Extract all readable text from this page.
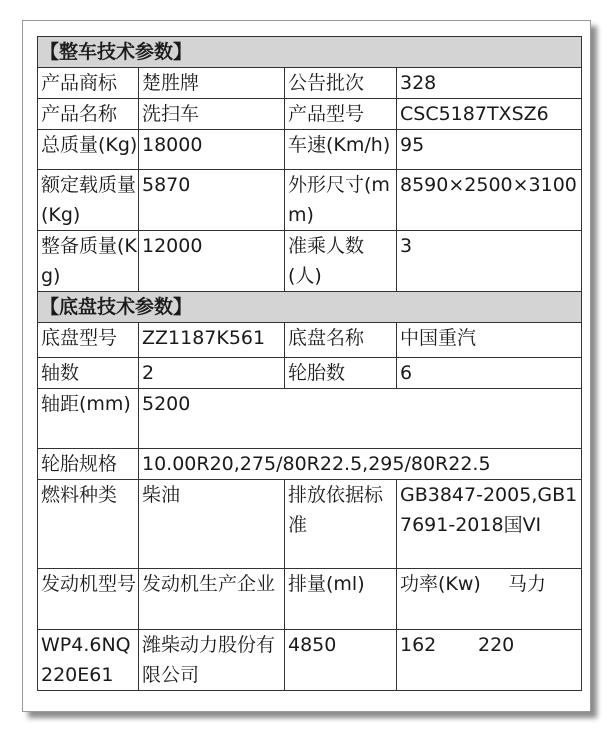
【整车技术参数】			
产品商标	楚胜牌	公告批次	328
产品名称	洗扫车	产品型号	CSC5187TXSZ6

总质量(Kg)	18000	车速(Km/h)	95
额定载质量(Kg)	5870	外形尺寸(mm)	8590×2500×3100
整备质量(Kg)	12000	准乘人数(人)	3
【底盘技术参数】			
底盘型号	ZZ1187K561	底盘名称	中国重汽
轴数	2	轮胎数	6
轴距(mm)	5200		
轮胎规格	10.00R20,275/80R22.5,295/80R22.5		
燃料种类	柴油	排放依据标准	GB3847-2005,GB17691-2018国VI
发动机型号	发动机生产企业	排量(ml)	功率(Kw) 马力
WP4.6NQ220E61	潍柴动力股份有限公司	4850	162 220
